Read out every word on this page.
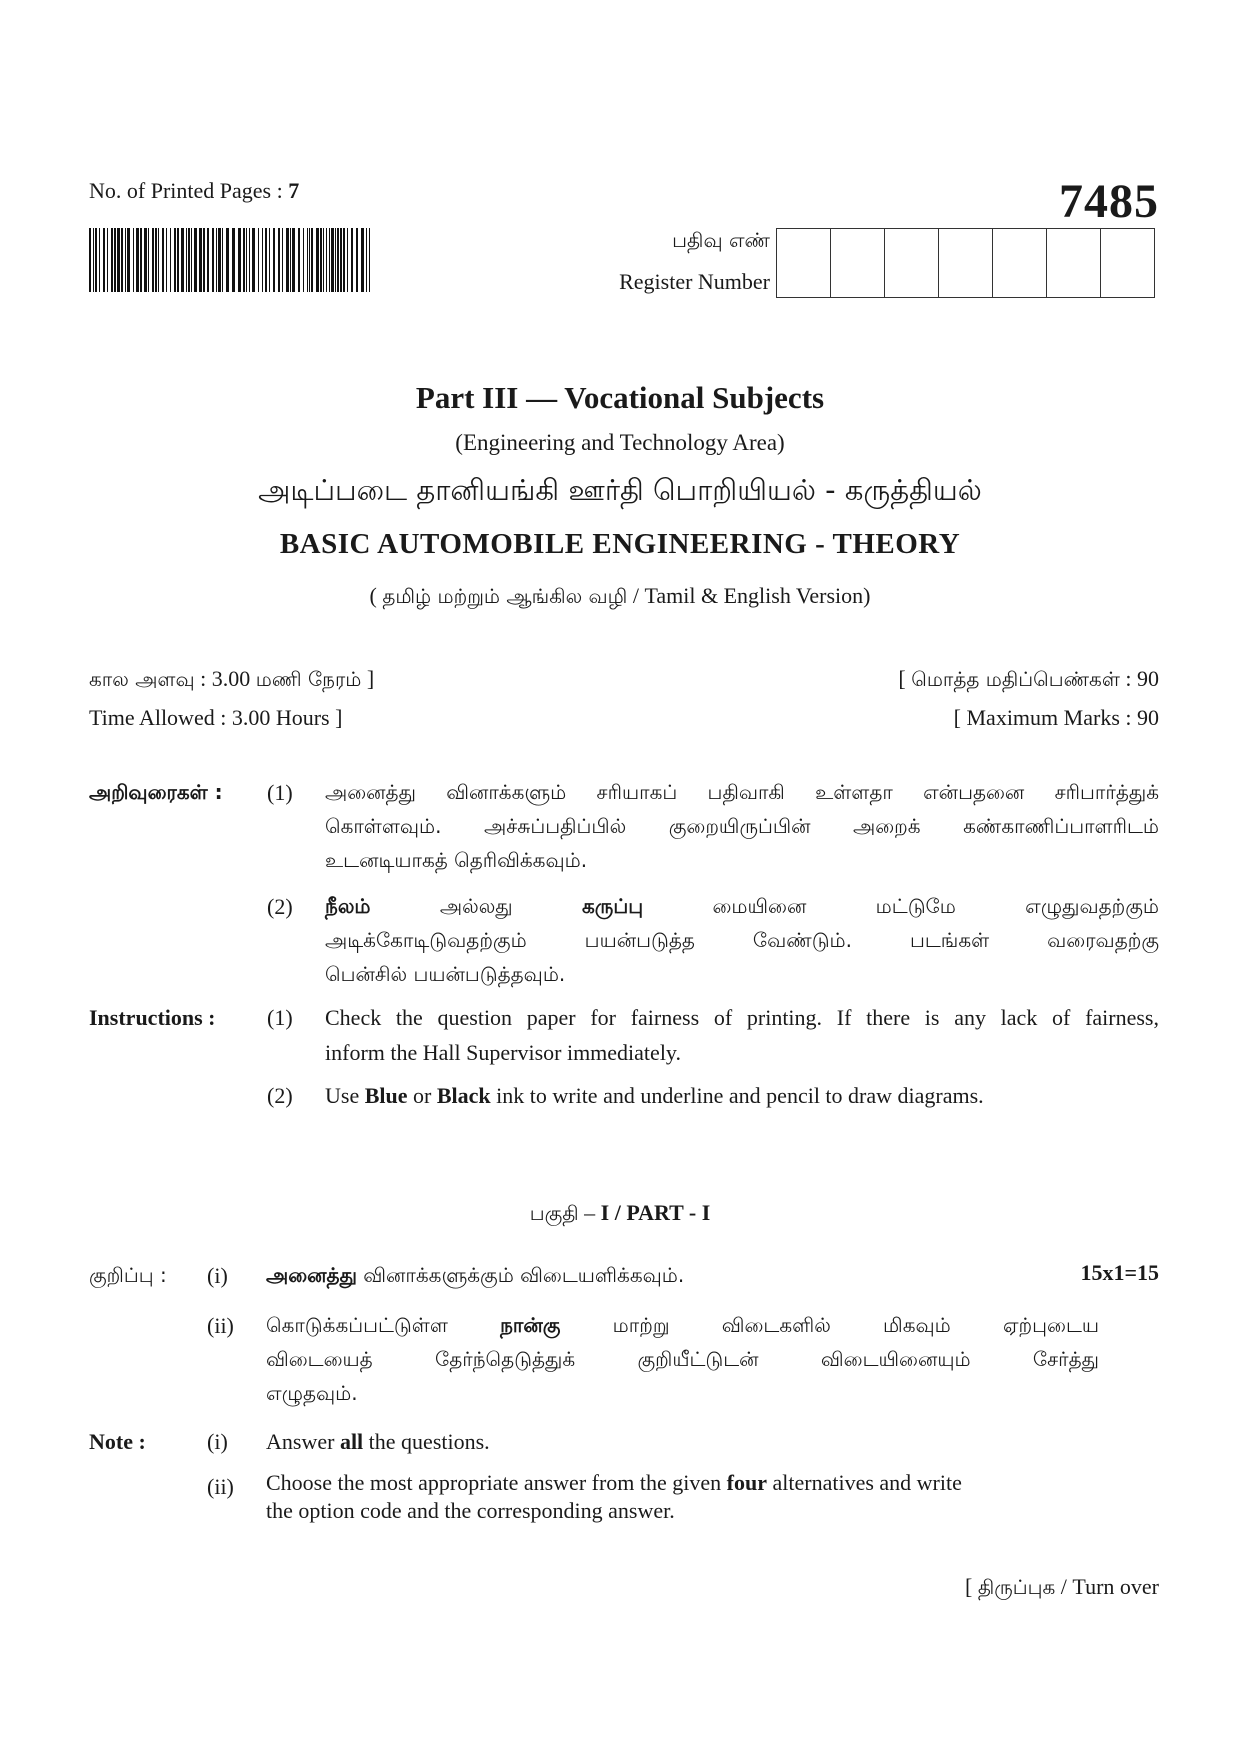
No. of Printed Pages : 7	7485
பதிவு எண்
Register Number
Part III — Vocational Subjects
(Engineering and Technology Area)
அடிப்படை தானியங்கி ஊர்தி பொறியியல் - கருத்தியல்
BASIC AUTOMOBILE ENGINEERING - THEORY
( தமிழ் மற்றும் ஆங்கில வழி / Tamil & English Version)
கால அளவு : 3.00 மணி நேரம் ]
Time Allowed : 3.00 Hours ]
[ மொத்த மதிப்பெண்கள் : 90
[ Maximum Marks : 90
அறிவுரைகள் : (1) அனைத்து வினாக்களும் சரியாகப் பதிவாகி உள்ளதா என்பதனை சரிபார்த்துக்
கொள்ளவும். அச்சுப்பதிப்பில் குறையிருப்பின் அறைக் கண்காணிப்பாளரிடம்
உடனடியாகத் தெரிவிக்கவும்.
(2) நீலம்	அல்லது	கருப்பு	மையினை மட்டுமே எழுதுவதற்கும்
அடிக்கோடிடுவதற்கும் பயன்படுத்த வேண்டும். படங்கள் வரைவதற்கு
பென்சில் பயன்படுத்தவும்.
Instructions : (1) Check the question paper for fairness of printing. If there is any lack of fairness,
inform the Hall Supervisor immediately.
(2) Use Blue or Black ink to write and underline and pencil to draw diagrams.
பகுதி – I / PART - I
15x1=15
குறிப்பு : (i) அனைத்து வினாக்களுக்கும் விடையளிக்கவும்.
(ii) கொடுக்கப்பட்டுள்ள	நான்கு	மாற்று விடைகளில் மிகவும் ஏற்புடைய
விடையைத் தேர்ந்தெடுத்துக் குறியீட்டுடன் விடையினையும் சேர்த்து
எழுதவும்.
Note :	(i) Answer all the questions.
(ii) Choose the most appropriate answer from the given four alternatives and write
the option code and the corresponding answer.
[ திருப்புக / Turn over
